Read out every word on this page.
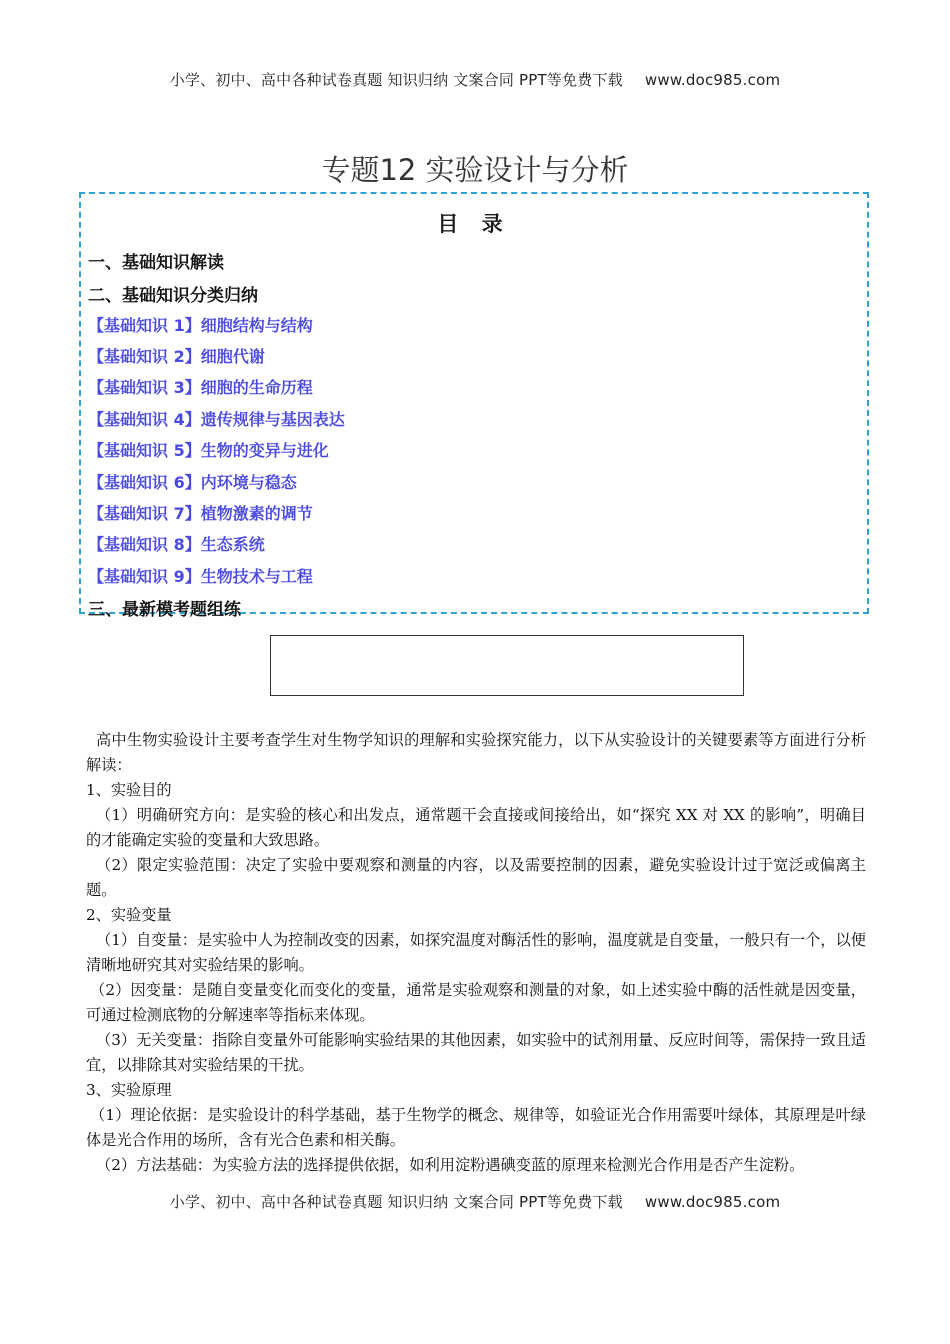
小学、初中、高中各种试卷真题 知识归纳 文案合同 PPT等免费下载 www.doc985.com
专题12 实验设计与分析
目 录
一、基础知识解读
二、基础知识分类归纳
【基础知识 1】细胞结构与结构
【基础知识 2】细胞代谢
【基础知识 3】细胞的生命历程
【基础知识 4】遗传规律与基因表达
【基础知识 5】生物的变异与进化
【基础知识 6】内环境与稳态
【基础知识 7】植物激素的调节
【基础知识 8】生态系统
【基础知识 9】生物技术与工程
三、最新模考题组练

高中生物实验设计主要考查学生对生物学知识的理解和实验探究能力，以下从实验设计的关键要素等方面进行分析解读：

1、实验目的

（1）明确研究方向：是实验的核心和出发点，通常题干会直接或间接给出，如“探究 XX 对 XX 的影响”，明确目的才能确定实验的变量和大致思路。

（2）限定实验范围：决定了实验中要观察和测量的内容，以及需要控制的因素，避免实验设计过于宽泛或偏离主题。

2、实验变量

（1）自变量：是实验中人为控制改变的因素，如探究温度对酶活性的影响，温度就是自变量，一般只有一个，以便清晰地研究其对实验结果的影响。

（2）因变量：是随自变量变化而变化的变量，通常是实验观察和测量的对象，如上述实验中酶的活性就是因变量，可通过检测底物的分解速率等指标来体现。

（3）无关变量：指除自变量外可能影响实验结果的其他因素，如实验中的试剂用量、反应时间等，需保持一致且适宜，以排除其对实验结果的干扰。

3、实验原理

（1）理论依据：是实验设计的科学基础，基于生物学的概念、规律等，如验证光合作用需要叶绿体，其原理是叶绿体是光合作用的场所，含有光合色素和相关酶。

（2）方法基础：为实验方法的选择提供依据，如利用淀粉遇碘变蓝的原理来检测光合作用是否产生淀粉。

小学、初中、高中各种试卷真题 知识归纳 文案合同 PPT等免费下载 www.doc985.com
